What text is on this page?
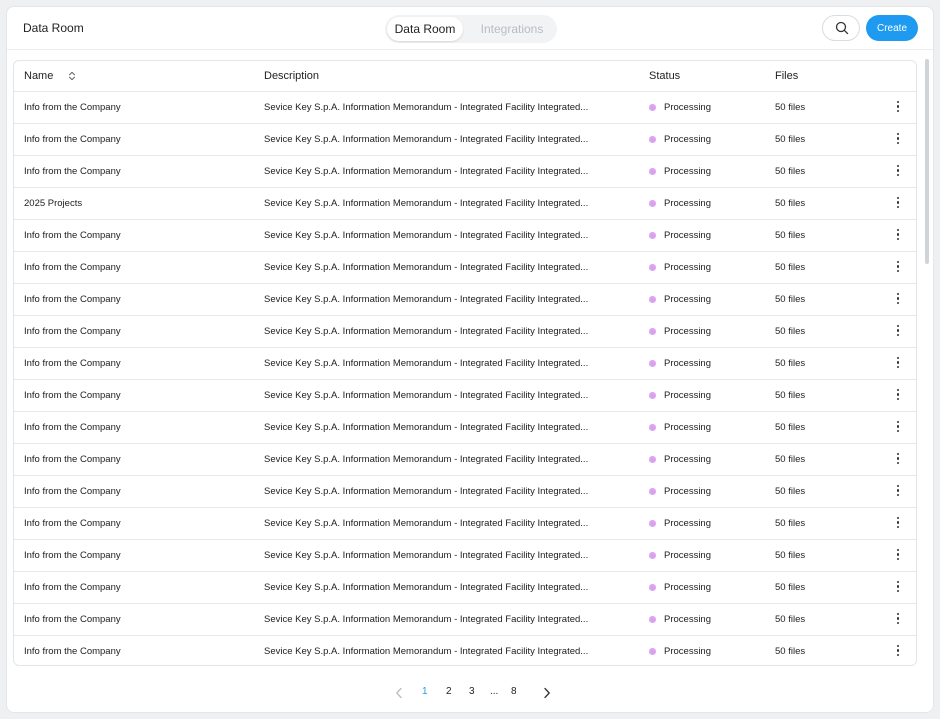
Data Room	Data Room	Integrations	Create
Name	Description	Status	Files
Info from the Company	Sevice Key S.p.A. Information Memorandum - Integrated Facility Integrated...	Processing	50 files
Info from the Company	Sevice Key S.p.A. Information Memorandum - Integrated Facility Integrated...	Processing	50 files
Info from the Company	Sevice Key S.p.A. Information Memorandum - Integrated Facility Integrated...	Processing	50 files
2025 Projects	Sevice Key S.p.A. Information Memorandum - Integrated Facility Integrated...	Processing	50 files
Info from the Company	Sevice Key S.p.A. Information Memorandum - Integrated Facility Integrated...	Processing	50 files
Info from the Company	Sevice Key S.p.A. Information Memorandum - Integrated Facility Integrated...	Processing	50 files
Info from the Company	Sevice Key S.p.A. Information Memorandum - Integrated Facility Integrated...	Processing	50 files
Info from the Company	Sevice Key S.p.A. Information Memorandum - Integrated Facility Integrated...	Processing	50 files
Info from the Company	Sevice Key S.p.A. Information Memorandum - Integrated Facility Integrated...	Processing	50 files
Info from the Company	Sevice Key S.p.A. Information Memorandum - Integrated Facility Integrated...	Processing	50 files
Info from the Company	Sevice Key S.p.A. Information Memorandum - Integrated Facility Integrated...	Processing	50 files
Info from the Company	Sevice Key S.p.A. Information Memorandum - Integrated Facility Integrated...	Processing	50 files
Info from the Company	Sevice Key S.p.A. Information Memorandum - Integrated Facility Integrated...	Processing	50 files
Info from the Company	Sevice Key S.p.A. Information Memorandum - Integrated Facility Integrated...	Processing	50 files
Info from the Company	Sevice Key S.p.A. Information Memorandum - Integrated Facility Integrated...	Processing	50 files
Info from the Company	Sevice Key S.p.A. Information Memorandum - Integrated Facility Integrated...	Processing	50 files
Info from the Company	Sevice Key S.p.A. Information Memorandum - Integrated Facility Integrated...	Processing	50 files
Info from the Company	Sevice Key S.p.A. Information Memorandum - Integrated Facility Integrated...	Processing	50 files
1 2 3 ... 8
